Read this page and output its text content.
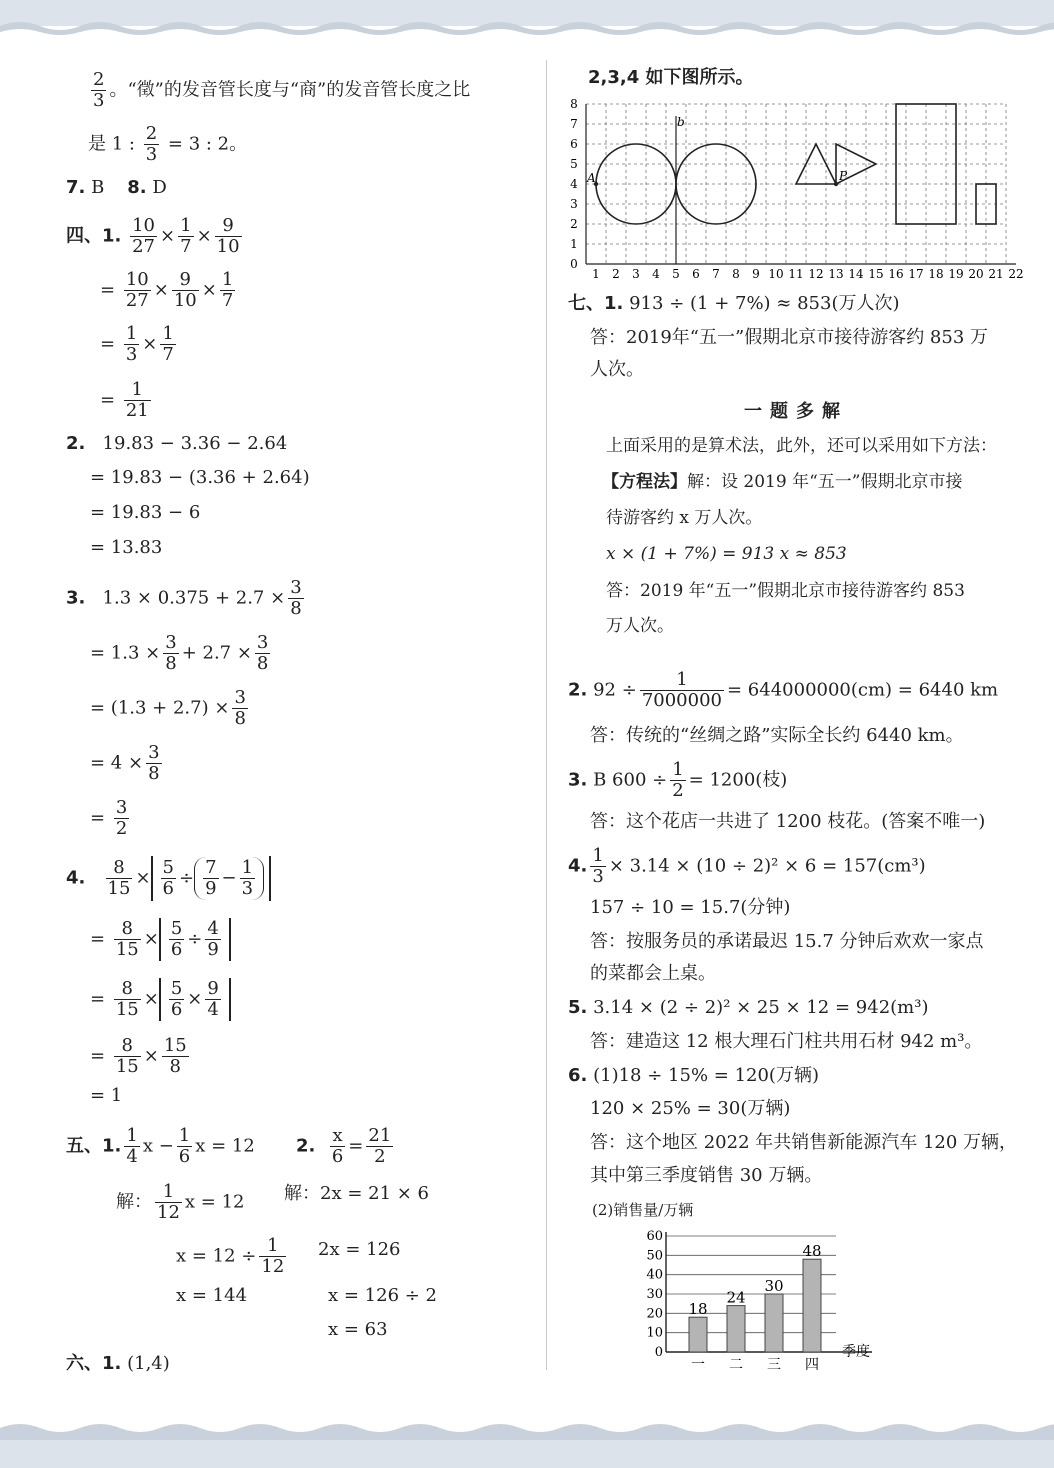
$\frac{2}{3}$ 。“徵”的发音管长度与“商”的发音管长度之比
是 1 : $\frac{2}{3} = 3$ : 2。
7. B 8. D
四、1. $\frac{10}{27} \times \frac{1}{7} \times \frac{9}{10}$
= $\frac{10}{27} \times \frac{9}{10} \times \frac{1}{7}$
= $\frac{1}{3} \times \frac{1}{7}$
= $\frac{1}{21}$
2. 19.83 − 3.36 − 2.64
= 19.83 − (3.36 + 2.64)
= 19.83 − 6
= 13.83
3. $1.3 \times 0.375 + 2.7 \times \frac{3}{8}$
= $1.3 \times \frac{3}{8} + 2.7 \times \frac{3}{8}$
= $(1.3 + 2.7) \times \frac{3}{8}$
= $4 \times \frac{3}{8}$
= $\frac{3}{2}$
4. $\frac{8}{15} \times \frac{5}{6} \div \frac{7}{9} - \frac{1}{3}$
= $\frac{8}{15} \times \frac{5}{6} \div \frac{4}{9}$
= $\frac{8}{15} \times \frac{5}{6} \times \frac{9}{4}$
= $\frac{8}{15} \times \frac{15}{8}$
= 1
五、1. $\frac{1}{4}$ $x - \frac{1}{6}$ x = 12
解： $\frac{1}{12}$ x = 12
$x = 12 \div \frac{1}{12}$
x = 144
2. $\frac{x}{6} = \frac{21}{2}$
解：2x = 21 × 6
2x = 126
x = 126 ÷ 2
x = 63
六、1. (1,4)
2,3,4 如下图所示。
0
1
2
3
4
5
6
7
8
1 2 3 4 5 6 7 8 9 10 11 12 13 14 15 16 17 18 19 20 21 22
b
A	P
七、1. 913 ÷ (1 + 7%) ≈ 853(万人次)
答：2019年“五一”假期北京市接待游客约 853 万
人次。
一题多解
上面采用的是算术法，此外，还可以采用如下方法：
【方程法】解：设 2019 年“五一”假期北京市接
待游客约 x 万人次。
x × (1 + 7%) = 913 x ≈ 853
答：2019 年“五一”假期北京市接待游客约 853
万人次。
2. $92 \div \frac{1}{7000000} = 644000000(cm) = 6440$ km
答：传统的“丝绸之路”实际全长约 6440 km。
3. B $600 \div \frac{1}{2} = 1200$(枝)
答：这个花店一共进了 1200 枝花。(答案不唯一)
4. $\frac{1}{3} \times 3.14 \times (10 \div 2)^2 \times 6 = 157(cm^3)$
157 ÷ 10 = 15.7(分钟)
答：按服务员的承诺最迟 15.7 分钟后欢欢一家点
的菜都会上桌。
5. 3.14 × (2 ÷ 2)² × 25 × 12 = 942(m³)
答：建造这 12 根大理石门柱共用石材 942 m³。
6. (1)18 ÷ 15% = 120(万辆)
120 × 25% = 30(万辆)
答：这个地区 2022 年共销售新能源汽车 120 万辆，
其中第三季度销售 30 万辆。
(2)销售量/万辆
0
10
20
30
40
50
60
18
一
24
二
30
三
48
四
季度
